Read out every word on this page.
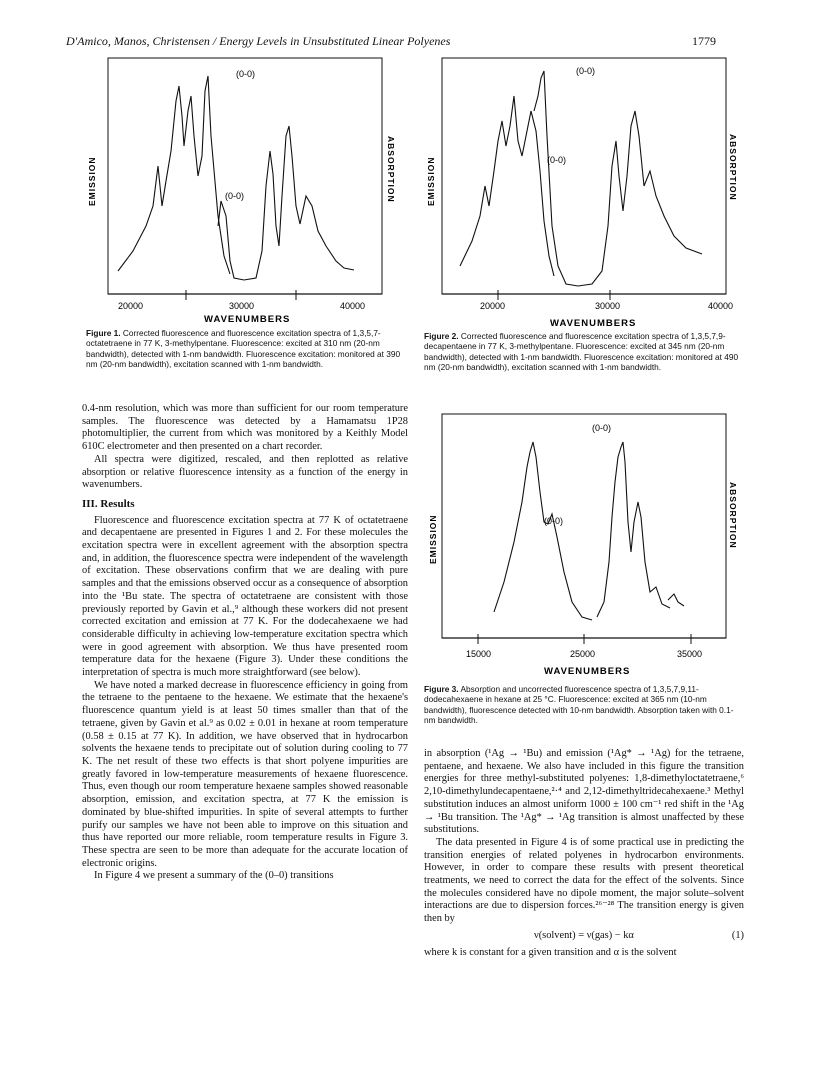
D'Amico, Manos, Christensen / Energy Levels in Unsubstituted Linear Polyenes	1779
(0-0)
(0-0)
EMISSION	ABSORPTION
20000	30000	40000
WAVENUMBERS
Figure 1. Corrected fluorescence and fluorescence excitation spectra of 1,3,5,7-octatetraene in 77 K, 3-methylpentane. Fluorescence: excited at 310 nm (20-nm bandwidth), detected with 1-nm bandwidth. Fluorescence excitation: monitored at 390 nm (20-nm bandwidth), excitation scanned with 1-nm bandwidth.
(0-0)
(0-0)
EMISSION	ABSORPTION
20000	30000	40000
WAVENUMBERS
Figure 2. Corrected fluorescence and fluorescence excitation spectra of 1,3,5,7,9-decapentaene in 77 K, 3-methylpentane. Fluorescence: excited at 345 nm (20-nm bandwidth), detected with 1-nm bandwidth. Fluorescence excitation: monitored at 490 nm (20-nm bandwidth), excitation scanned with 1-nm bandwidth.
(0-0)
(0-0)
EMISSION	ABSORPTION
15000	25000	35000
WAVENUMBERS
Figure 3. Absorption and uncorrected fluorescence spectra of 1,3,5,7,9,11-dodecahexaene in hexane at 25 °C. Fluorescence: excited at 365 nm (10-nm bandwidth), fluorescence detected with 10-nm bandwidth. Absorption taken with 0.1-nm bandwidth.

0.4-nm resolution, which was more than sufficient for our room temperature samples. The fluorescence was detected by a Hamamatsu 1P28 photomultiplier, the current from which was monitored by a Keithly Model 610C electrometer and then presented on a chart recorder.

All spectra were digitized, rescaled, and then replotted as relative absorption or relative fluorescence intensity as a function of the energy in wavenumbers.

III. Results

Fluorescence and fluorescence excitation spectra at 77 K of octatetraene and decapentaene are presented in Figures 1 and 2. For these molecules the excitation spectra were in excellent agreement with the absorption spectra and, in addition, the fluorescence spectra were independent of the wavelength of excitation. These observations confirm that we are dealing with pure samples and that the emissions observed occur as a consequence of absorption into the ¹Bu state. The spectra of octatetraene are consistent with those previously reported by Gavin et al.,⁹ although these workers did not present corrected excitation and emission at 77 K. For the dodecahexaene we had considerable difficulty in achieving low-temperature excitation spectra which were in good agreement with absorption. We thus have presented room temperature data for the hexaene (Figure 3). Under these conditions the interpretation of spectra is much more straightforward (see below).

We have noted a marked decrease in fluorescence efficiency in going from the tetraene to the pentaene to the hexaene. We estimate that the hexaene's fluorescence quantum yield is at least 50 times smaller than that of the tetraene, given by Gavin et al.⁹ as 0.02 ± 0.01 in hexane at room temperature (0.58 ± 0.15 at 77 K). In addition, we have observed that in hydrocarbon solvents the hexaene tends to precipitate out of solution during cooling to 77 K. The net result of these two effects is that short polyene impurities are greatly favored in low-temperature measurements of hexaene fluorescence. Thus, even though our room temperature hexaene samples showed reasonable absorption, emission, and excitation spectra, at 77 K the emission is dominated by blue-shifted impurities. In spite of several attempts to further purify our samples we have not been able to improve on this situation and thus have reported our more reliable, room temperature results in Figure 3. These spectra are seen to be more than adequate for the accurate location of electronic origins.

In Figure 4 we present a summary of the (0–0) transitions

in absorption (¹Ag → ¹Bu) and emission (¹Ag* → ¹Ag) for the tetraene, pentaene, and hexaene. We also have included in this figure the transition energies for three methyl-substituted polyenes: 1,8-dimethyloctatetraene,⁶ 2,10-dimethylundecapentaene,²·⁴ and 2,12-dimethyltridecahexaene.³ Methyl substitution induces an almost uniform 1000 ± 100 cm⁻¹ red shift in the ¹Ag → ¹Bu transition. The ¹Ag* → ¹Ag transition is almost unaffected by these substitutions.

The data presented in Figure 4 is of some practical use in predicting the transition energies of related polyenes in hydrocarbon environments. However, in order to compare these results with present theoretical treatments, we need to correct the data for the effect of the solvents. Since the molecules considered have no dipole moment, the major solute–solvent interactions are due to dispersion forces.²⁶⁻²⁸ The transition energy is given then by

ν(solvent) = ν(gas) − kα	(1)

where k is constant for a given transition and α is the solvent
